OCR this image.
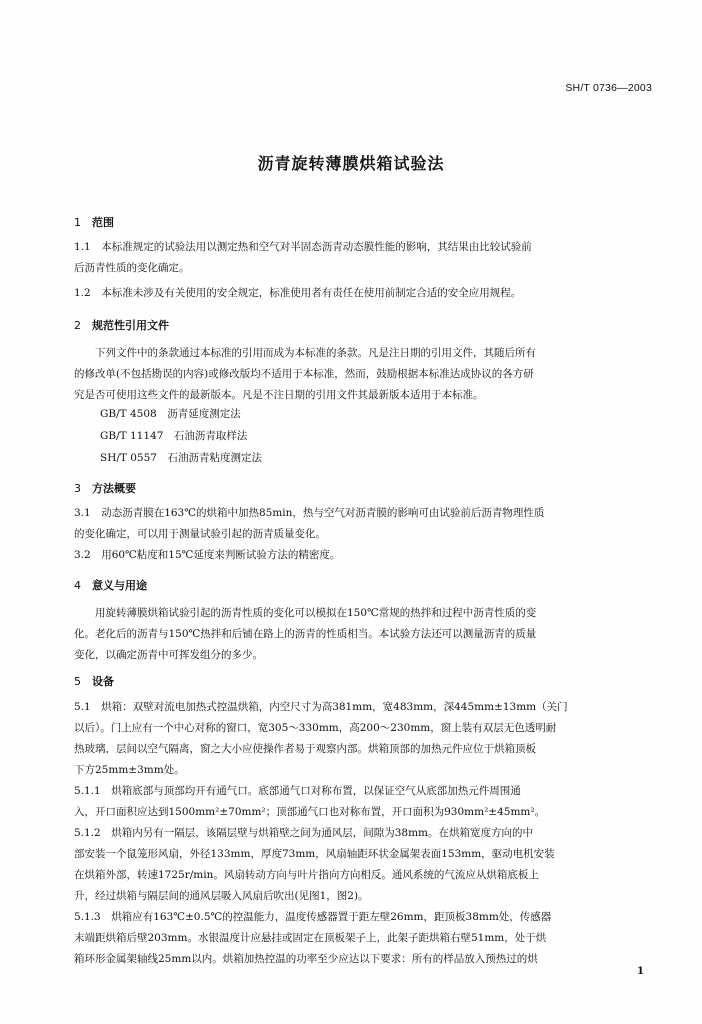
SH/T 0736—2003
沥青旋转薄膜烘箱试验法
1 范围
1.1　本标准规定的试验法用以测定热和空气对半固态沥青动态膜性能的影响，其结果由比较试验前
后沥青性质的变化确定。
1.2　本标准未涉及有关使用的安全规定，标准使用者有责任在使用前制定合适的安全应用规程。
2 规范性引用文件
　　下列文件中的条款通过本标准的引用而成为本标准的条款。凡是注日期的引用文件，其随后所有
的修改单(不包括勘误的内容)或修改版均不适用于本标准，然而，鼓励根据本标准达成协议的各方研
究是否可使用这些文件的最新版本。凡是不注日期的引用文件其最新版本适用于本标准。
GB/T 4508　沥青延度测定法
GB/T 11147　石油沥青取样法
SH/T 0557　石油沥青粘度测定法
3 方法概要
3.1　动态沥青膜在163℃的烘箱中加热85min，热与空气对沥青膜的影响可由试验前后沥青物理性质
的变化确定，可以用于测量试验引起的沥青质量变化。
3.2　用60℃粘度和15℃延度来判断试验方法的精密度。
4 意义与用途
　　用旋转薄膜烘箱试验引起的沥青性质的变化可以模拟在150℃常规的热拌和过程中沥青性质的变
化。老化后的沥青与150℃热拌和后铺在路上的沥青的性质相当。本试验方法还可以测量沥青的质量
变化，以确定沥青中可挥发组分的多少。
5 设备
5.1　烘箱：双壁对流电加热式控温烘箱，内空尺寸为高381mm，宽483mm，深445mm±13mm（关门
以后）。门上应有一个中心对称的窗口，宽305～330mm，高200～230mm，窗上装有双层无色透明耐
热玻璃，层间以空气隔离，窗之大小应使操作者易于观察内部。烘箱顶部的加热元件应位于烘箱顶板
下方25mm±3mm处。
5.1.1　烘箱底部与顶部均开有通气口。底部通气口对称布置，以保证空气从底部加热元件周围通
入，开口面积应达到1500mm²±70mm²；顶部通气口也对称布置，开口面积为930mm²±45mm²。
5.1.2　烘箱内另有一隔层，该隔层壁与烘箱壁之间为通风层，间隙为38mm。在烘箱宽度方向的中
部安装一个鼠笼形风扇，外径133mm，厚度73mm，风扇轴距环状金属架表面153mm，驱动电机安装
在烘箱外部，转速1725r/min。风扇转动方向与叶片指向方向相反。通风系统的气流应从烘箱底板上
升，经过烘箱与隔层间的通风层吸入风扇后吹出(见图1，图2)。
5.1.3　烘箱应有163℃±0.5℃的控温能力，温度传感器置于距左壁26mm，距顶板38mm处，传感器
末端距烘箱后壁203mm。水银温度计应悬挂或固定在顶板架子上，此架子距烘箱右壁51mm，处于烘
箱环形金属架轴线25mm以内。烘箱加热控温的功率至少应达以下要求：所有的样品放入预热过的烘
1
